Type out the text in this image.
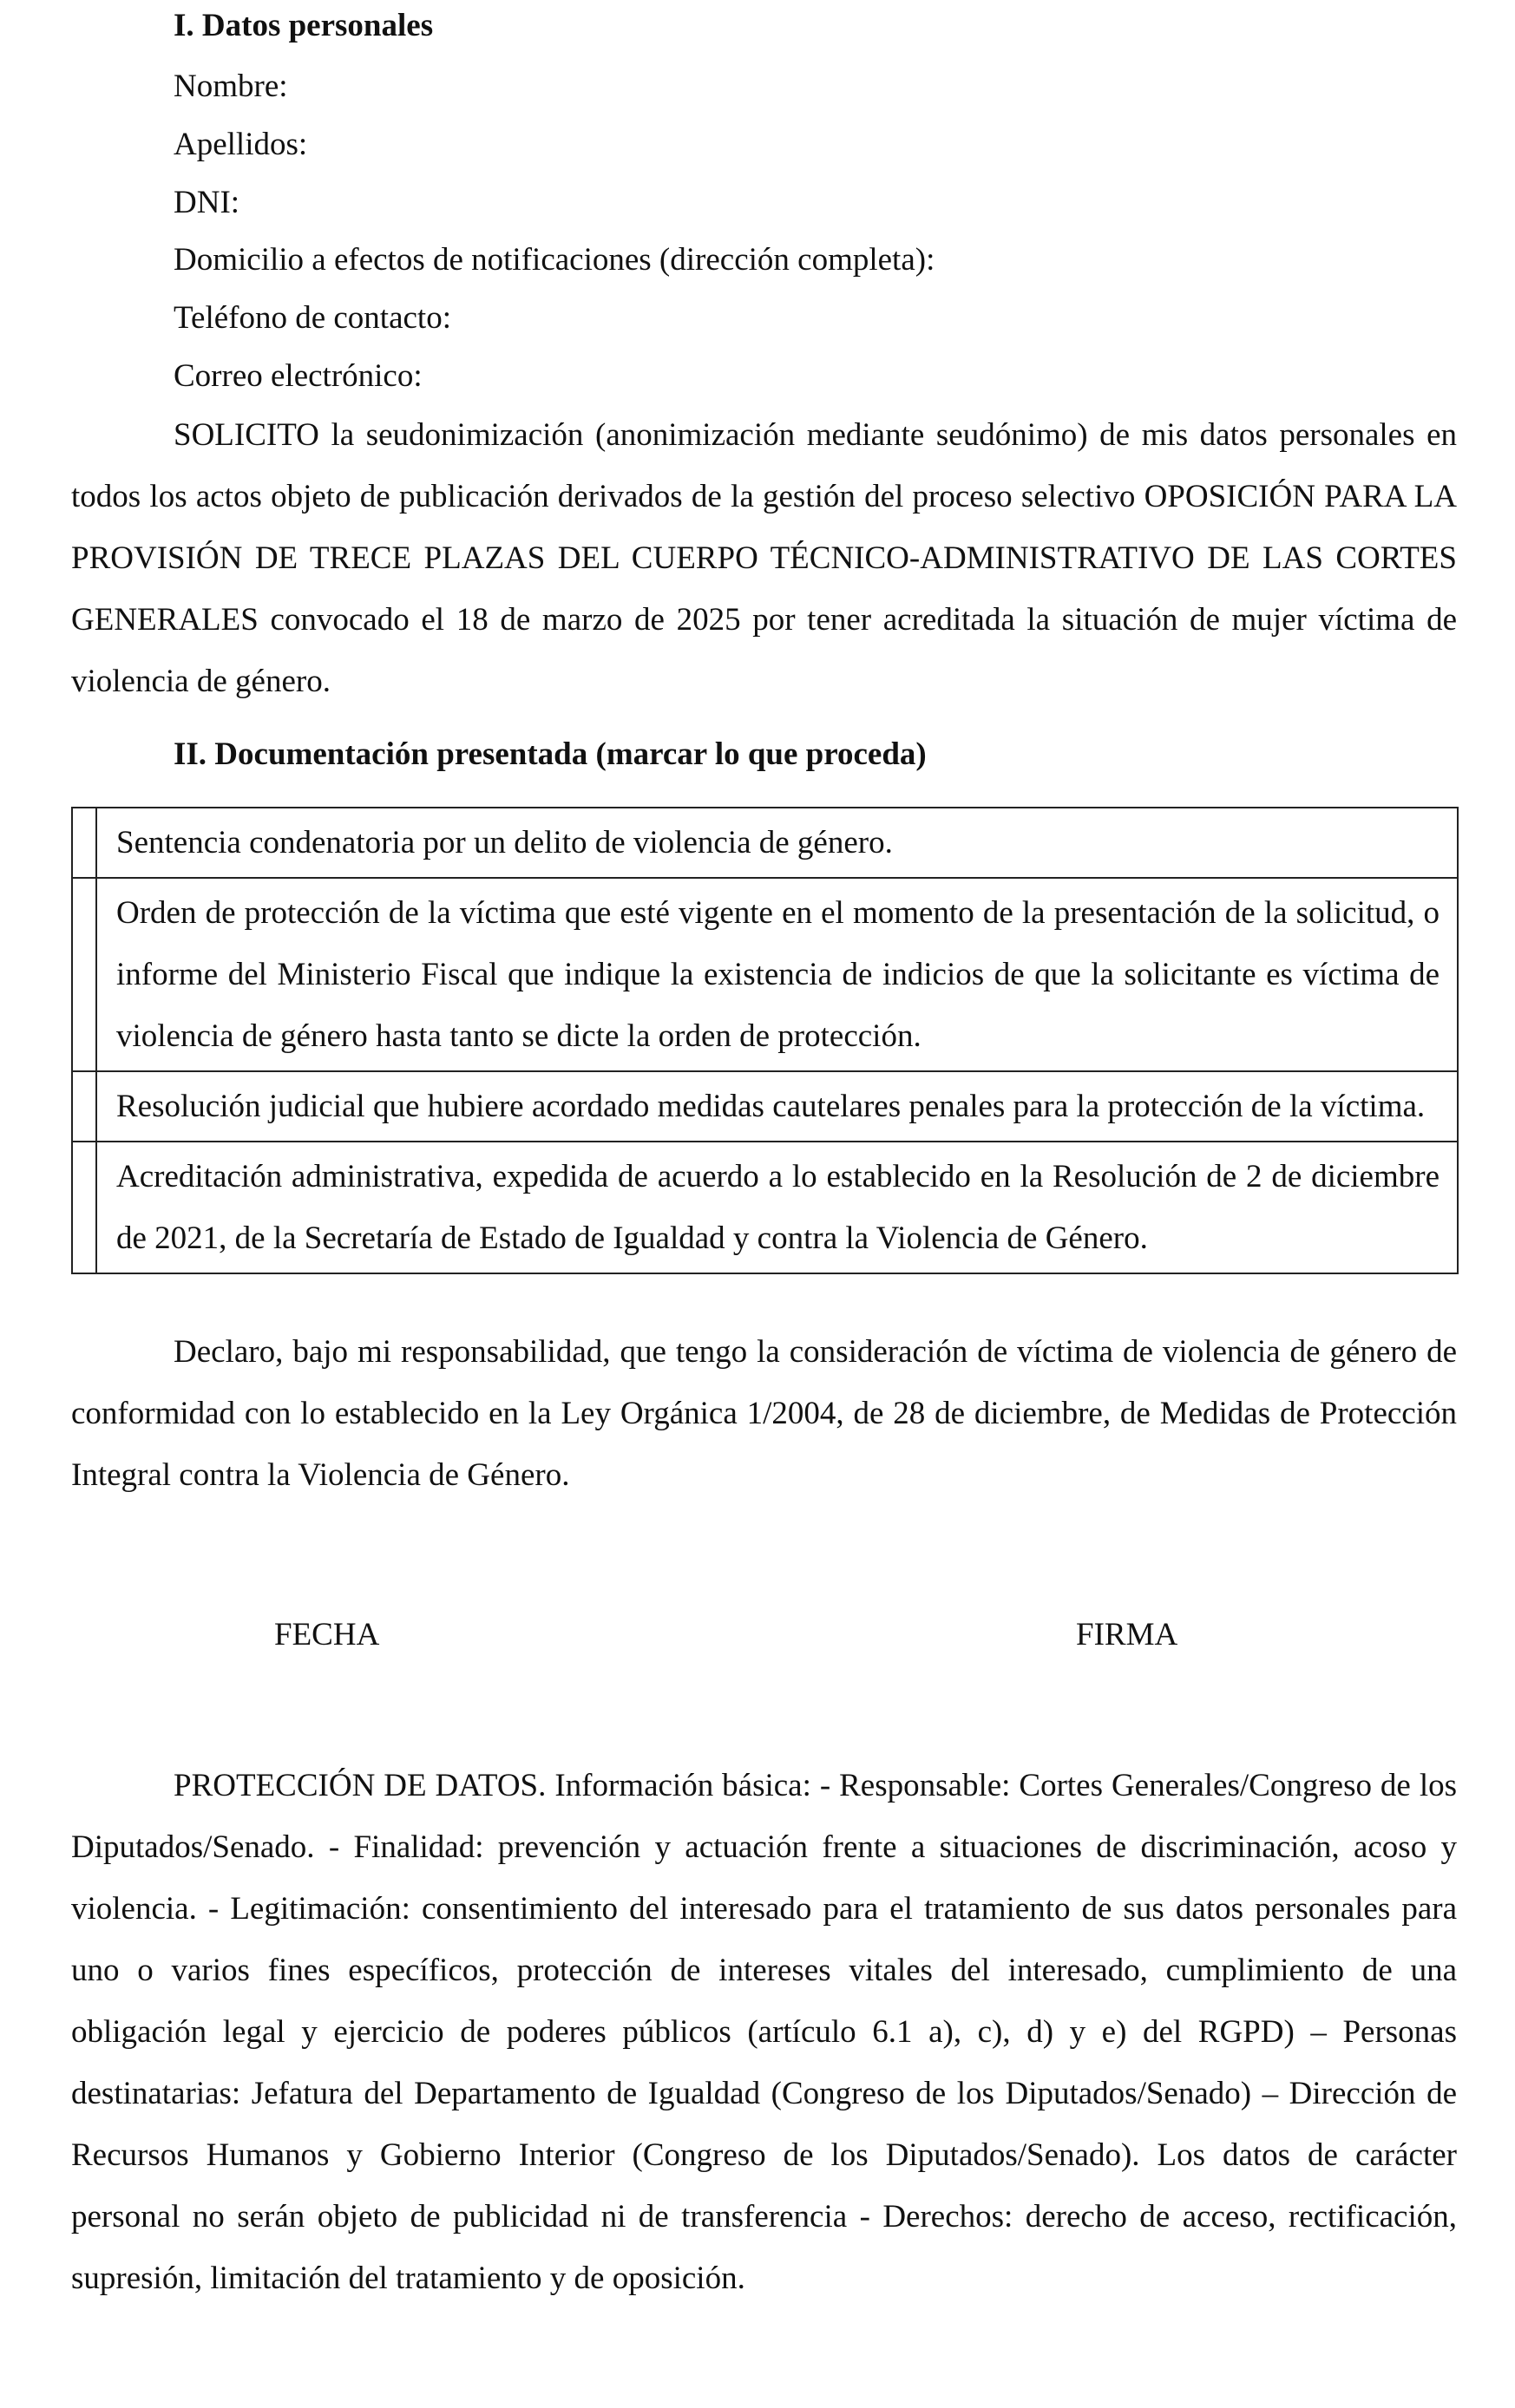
I. Datos personales
Nombre:
Apellidos:
DNI:
Domicilio a efectos de notificaciones (dirección completa):
Teléfono de contacto:
Correo electrónico:

SOLICITO la seudonimización (anonimización mediante seudónimo) de mis datos personales en todos los actos objeto de publicación derivados de la gestión del proceso selectivo OPOSICIÓN PARA LA PROVISIÓN DE TRECE PLAZAS DEL CUERPO TÉCNICO-ADMINISTRATIVO DE LAS CORTES GENERALES convocado el 18 de marzo de 2025 por tener acreditada la situación de mujer víctima de violencia de género.

II. Documentación presentada (marcar lo que proceda)
	Sentencia condenatoria por un delito de violencia de género.
	Orden de protección de la víctima que esté vigente en el momento de la presentación de la solicitud, o informe del Ministerio Fiscal que indique la existencia de indicios de que la solicitante es víctima de violencia de género hasta tanto se dicte la orden de protección.
	Resolución judicial que hubiere acordado medidas cautelares penales para la protección de la víctima.
	Acreditación administrativa, expedida de acuerdo a lo establecido en la Resolución de 2 de diciembre de 2021, de la Secretaría de Estado de Igualdad y contra la Violencia de Género.

Declaro, bajo mi responsabilidad, que tengo la consideración de víctima de violencia de género de conformidad con lo establecido en la Ley Orgánica 1/2004, de 28 de diciembre, de Medidas de Protección Integral contra la Violencia de Género.

FECHA	FIRMA

PROTECCIÓN DE DATOS. Información básica: - Responsable: Cortes Generales/Congreso de los Diputados/Senado. - Finalidad: prevención y actuación frente a situaciones de discriminación, acoso y violencia. - Legitimación: consentimiento del interesado para el tratamiento de sus datos personales para uno o varios fines específicos, protección de intereses vitales del interesado, cumplimiento de una obligación legal y ejercicio de poderes públicos (artículo 6.1 a), c), d) y e) del RGPD) – Personas destinatarias: Jefatura del Departamento de Igualdad (Congreso de los Diputados/Senado) – Dirección de Recursos Humanos y Gobierno Interior (Congreso de los Diputados/Senado). Los datos de carácter personal no serán objeto de publicidad ni de transferencia - Derechos: derecho de acceso, rectificación, supresión, limitación del tratamiento y de oposición.
